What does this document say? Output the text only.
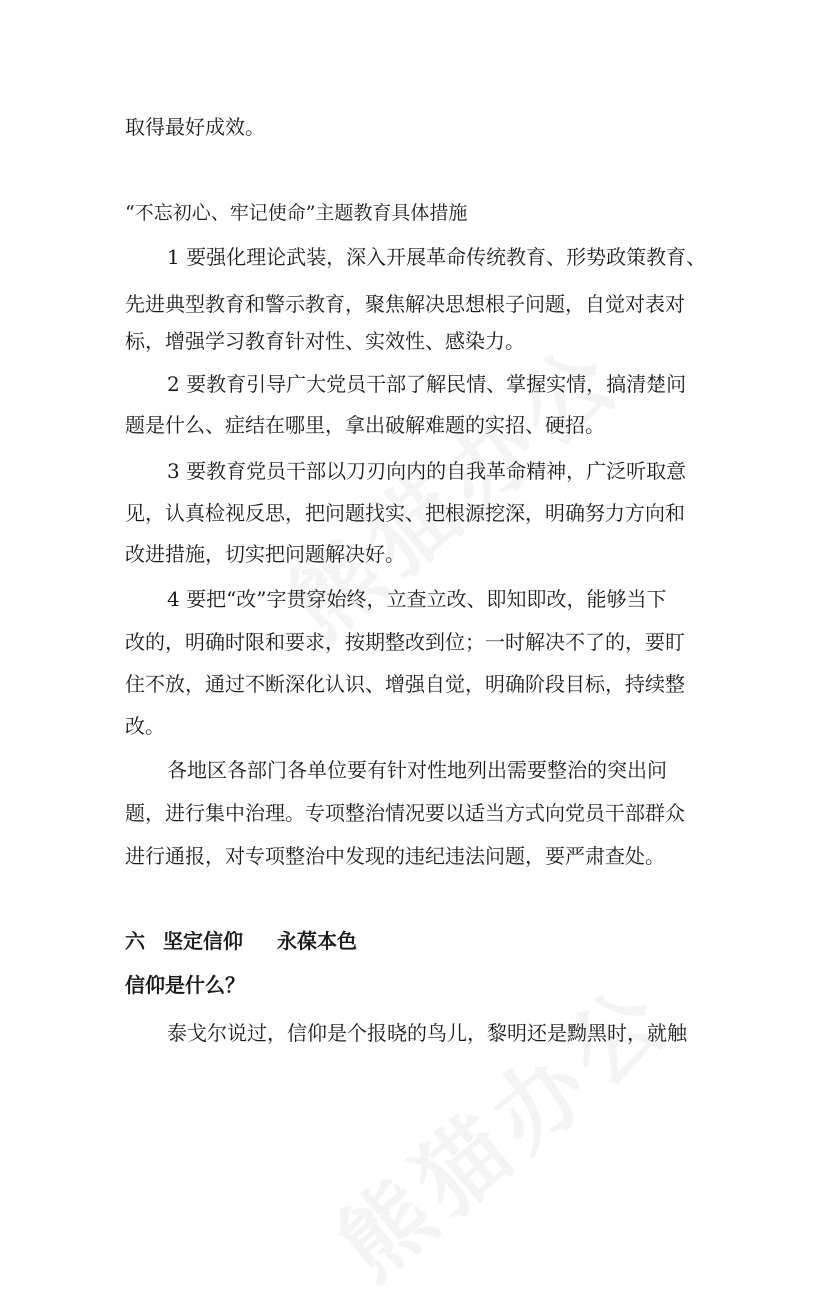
取得最好成效。
“不忘初心、牢记使命”主题教育具体措施
1 要强化理论武装，深入开展革命传统教育、形势政策教育、
先进典型教育和警示教育，聚焦解决思想根子问题，自觉对表对
标，增强学习教育针对性、实效性、感染力。
2 要教育引导广大党员干部了解民情、掌握实情，搞清楚问
题是什么、症结在哪里，拿出破解难题的实招、硬招。
3 要教育党员干部以刀刃向内的自我革命精神，广泛听取意
见，认真检视反思，把问题找实、把根源挖深，明确努力方向和
改进措施，切实把问题解决好。
4 要把“改”字贯穿始终，立查立改、即知即改，能够当下
改的，明确时限和要求，按期整改到位；一时解决不了的，要盯
住不放，通过不断深化认识、增强自觉，明确阶段目标，持续整
改。
各地区各部门各单位要有针对性地列出需要整治的突出问
题，进行集中治理。专项整治情况要以适当方式向党员干部群众
进行通报，对专项整治中发现的违纪违法问题，要严肃查处。
六 坚定信仰 永葆本色
信仰是什么？
泰戈尔说过，信仰是个报晓的鸟儿，黎明还是黝黑时，就触
